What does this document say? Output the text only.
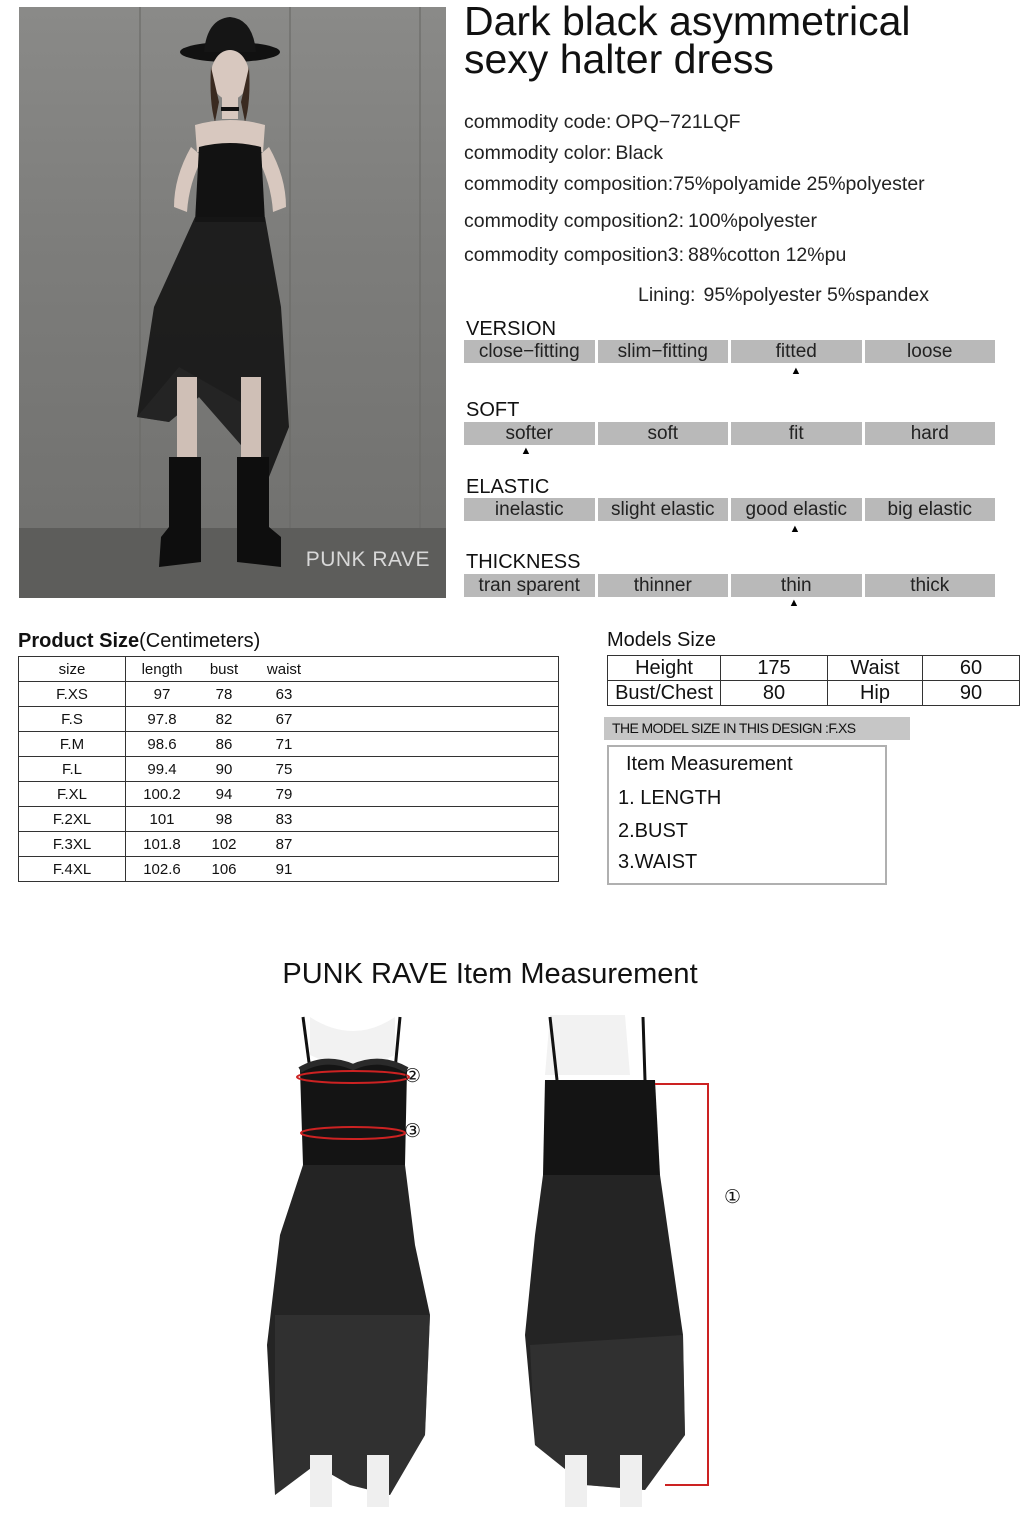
PUNK RAVE
Dark black asymmetrical
sexy halter dress
commodity code: OPQ−721LQF
commodity color: Black
commodity composition:75%polyamide 25%polyester
commodity composition2: 100%polyester
commodity composition3: 88%cotton 12%pu
Lining: 95%polyester 5%spandex
VERSION
close−fitting	slim−fitting	fitted	loose
▲
SOFT
softer	soft	fit	hard
▲
ELASTIC
inelastic	slight elastic	good elastic	big elastic
▲
THICKNESS
tran sparent	thinner	thin	thick
▲
Product Size(Centimeters)
size	length	bust	waist	
F.XS	97	78	63	
F.S	97.8	82	67	
F.M	98.6	86	71	
F.L	99.4	90	75	
F.XL	100.2	94	79	
F.2XL	101	98	83	
F.3XL	101.8	102	87	
F.4XL	102.6	106	91	
Models Size
Height	175	Waist	60
Bust/Chest	80	Hip	90
THE MODEL SIZE IN THIS DESIGN :F.XS
Item Measurement
1. LENGTH
2.BUST
3.WAIST
PUNK RAVE Item Measurement
②
③
①
